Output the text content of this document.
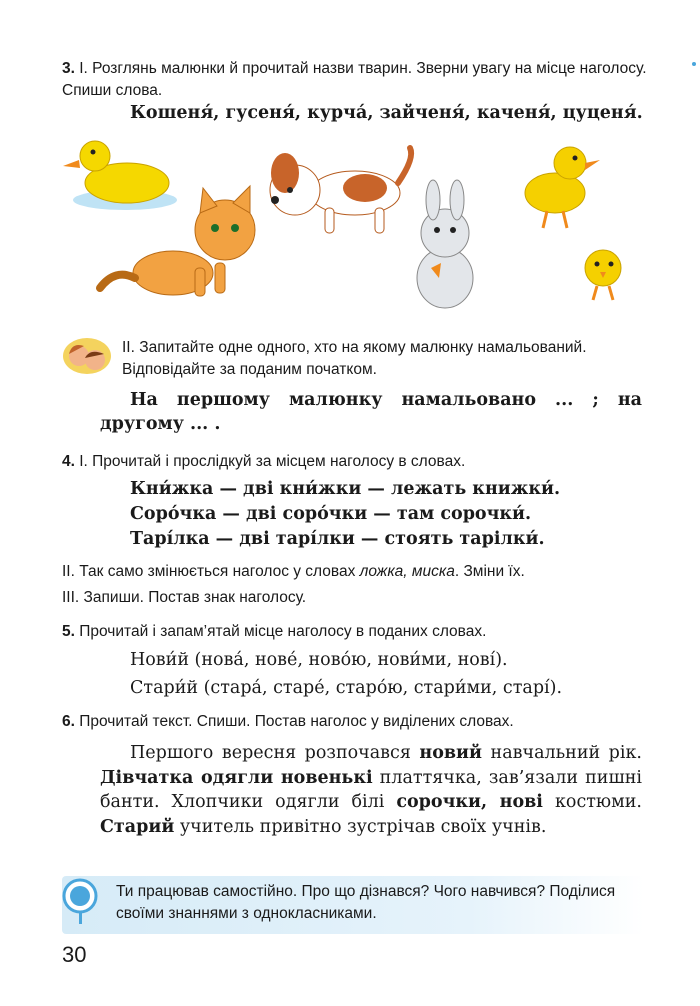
3. І. Розглянь малюнки й прочитай назви тварин. Зверни увагу на місце наголосу. Спиши слова.
Кошеня́, гусеня́, курча́, зайченя́, каченя́, цуценя́.
ІІ. Запитайте одне одного, хто на якому малюнку намальований. Відповідайте за поданим початком.
На першому малюнку намальовано ... ; на
другому ... .
4. І. Прочитай і прослідкуй за місцем наголосу в словах.
Кни́жка — дві кни́жки — лежать книжки́.
Соро́чка — дві соро́чки — там сорочки́.
Тарі́лка — дві тарі́лки — стоять тарілки́.
ІІ. Так само змінюється наголос у словах ложка, миска. Зміни їх.
ІІІ. Запиши. Постав знак наголосу.
5. Прочитай і запам’ятай місце наголосу в поданих словах.
Нови́й (нова́, нове́, ново́ю, нови́ми, нові́).
Стари́й (стара́, старе́, старо́ю, стари́ми, старі́).
6. Прочитай текст. Спиши. Постав наголос у виділених словах.
Першого вересня розпочався новий навчальний рік. Дівчатка одягли новенькі платтячка, зав’язали пишні банти. Хлопчики одягли білі сорочки, нові костюми. Старий учитель привітно зустрічав своїх учнів.
Ти працював самостійно. Про що дізнався? Чого навчився? Поділися своїми знаннями з однокласниками.
30
